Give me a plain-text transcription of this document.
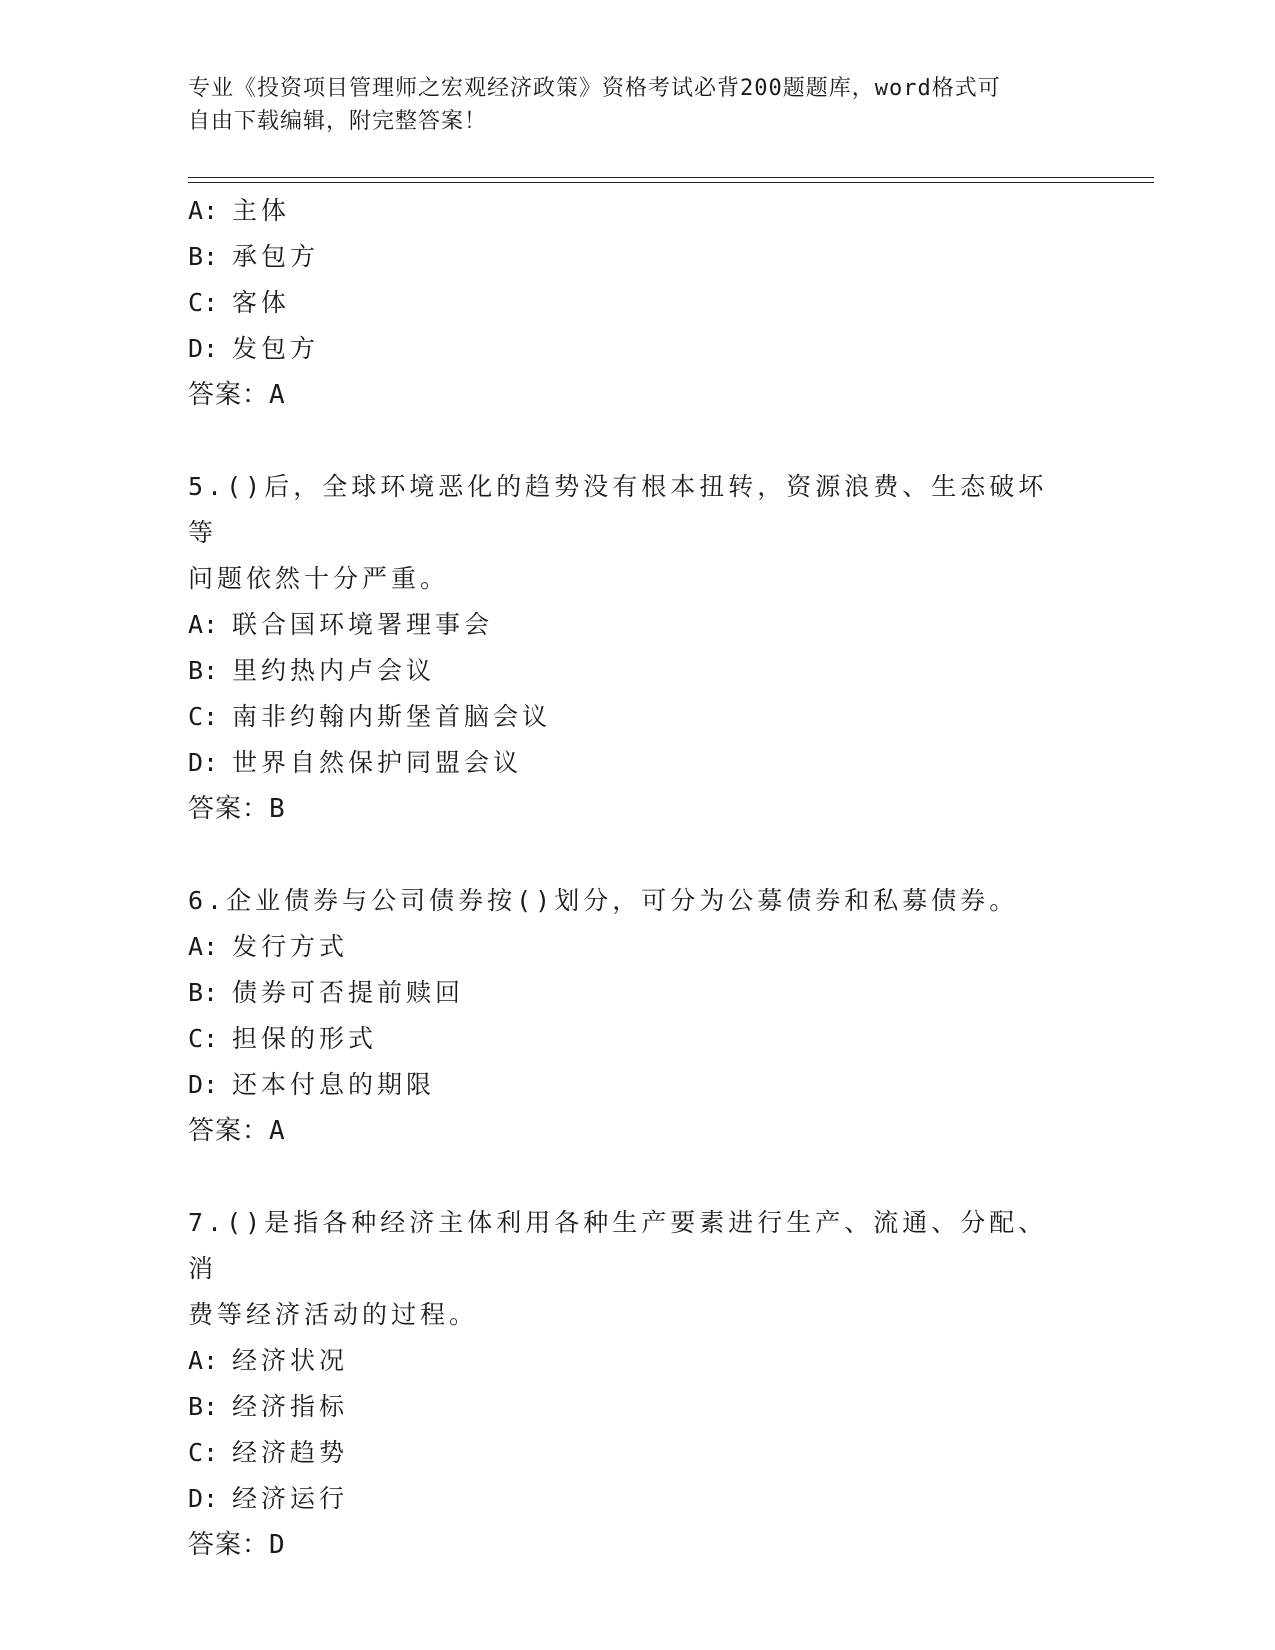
专业《投资项目管理师之宏观经济政策》资格考试必背200题题库，word格式可
自由下载编辑，附完整答案！
A: 主体
B: 承包方
C: 客体
D: 发包方
答案：A
5.()后，全球环境恶化的趋势没有根本扭转，资源浪费、生态破坏等
问题依然十分严重。
A: 联合国环境署理事会
B: 里约热内卢会议
C: 南非约翰内斯堡首脑会议
D: 世界自然保护同盟会议
答案：B
6.企业债券与公司债券按()划分，可分为公募债券和私募债券。
A: 发行方式
B: 债券可否提前赎回
C: 担保的形式
D: 还本付息的期限
答案：A
7.()是指各种经济主体利用各种生产要素进行生产、流通、分配、消
费等经济活动的过程。
A: 经济状况
B: 经济指标
C: 经济趋势
D: 经济运行
答案：D
